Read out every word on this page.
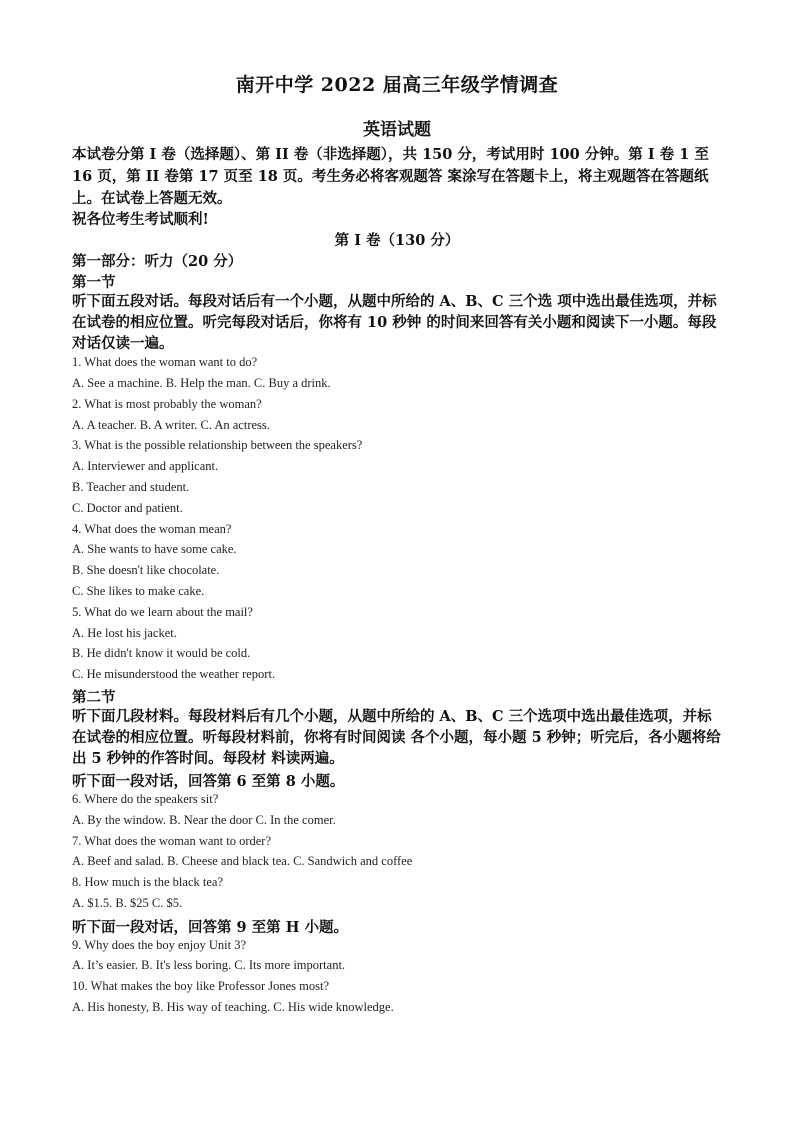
南开中学 2022 届高三年级学情调查
英语试题
本试卷分第 I 卷（选择题）、第 II 卷（非选择题），共 150 分，考试用时 100 分钟。第 I 卷 1 至 16 页，第 II 卷第 17 页至 18 页。考生务必将客观题答 案涂写在答题卡上，将主观题答在答题纸上。在试卷上答题无效。
祝各位考生考试顺利!
第 I 卷（130 分）
第一部分：听力（20 分）
第一节
听下面五段对话。每段对话后有一个小题，从题中所给的 A、B、C 三个选 项中选出最佳选项，并标在试卷的相应位置。听完每段对话后，你将有 10 秒钟 的时间来回答有关小题和阅读下一小题。每段对话仅读一遍。
1. What does the woman want to do?
A. See a machine. B. Help the man. C. Buy a drink.
2. What is most probably the woman?
A. A teacher. B. A writer. C. An actress.
3. What is the possible relationship between the speakers?
A. Interviewer and applicant.
B. Teacher and student.
C. Doctor and patient.
4. What does the woman mean?
A. She wants to have some cake.
B. She doesn't like chocolate.
C. She likes to make cake.
5. What do we learn about the mail?
A. He lost his jacket.
B. He didn't know it would be cold.
C. He misunderstood the weather report.
第二节
听下面几段材料。每段材料后有几个小题，从题中所给的 A、B、C 三个选项中选出最佳选项，并标在试卷的相应位置。听每段材料前，你将有时间阅读 各个小题，每小题 5 秒钟；听完后，各小题将给出 5 秒钟的作答时间。每段材 料读两遍。
听下面一段对话，回答第 6 至第 8 小题。
6. Where do the speakers sit?
A. By the window. B. Near the door C. In the comer.
7. What does the woman want to order?
A. Beef and salad. B. Cheese and black tea. C. Sandwich and coffee
8. How much is the black tea?
A. $1.5. B. $25 C. $5.
听下面一段对话，回答第 9 至第 H 小题。
9. Why does the boy enjoy Unit 3?
A. It’s easier. B. It's less boring. C. Its more important.
10. What makes the boy like Professor Jones most?
A. His honesty, B. His way of teaching. C. His wide knowledge.
